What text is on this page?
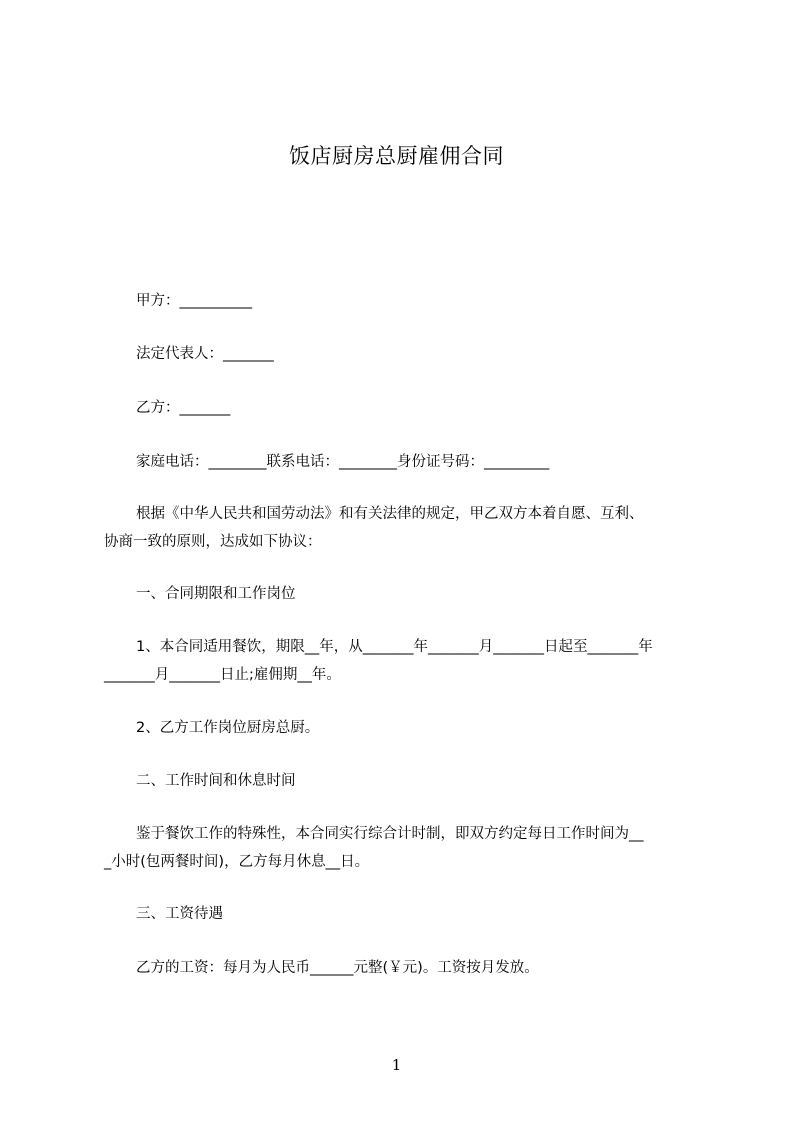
饭店厨房总厨雇佣合同
甲方：__________
法定代表人：_______
乙方：_______
家庭电话：________联系电话：________身份证号码：_________
根据《中华人民共和国劳动法》和有关法律的规定，甲乙双方本着自愿、互利、
协商一致的原则，达成如下协议：
一、合同期限和工作岗位
1、本合同适用餐饮，期限__年，从_______年_______月_______日起至_______年
_______月_______日止;雇佣期__年。
2、乙方工作岗位厨房总厨。
二、工作时间和休息时间
鉴于餐饮工作的特殊性，本合同实行综合计时制，即双方约定每日工作时间为__
_小时(包两餐时间)，乙方每月休息__日。
三、工资待遇
乙方的工资：每月为人民币______元整(￥元)。工资按月发放。
1
